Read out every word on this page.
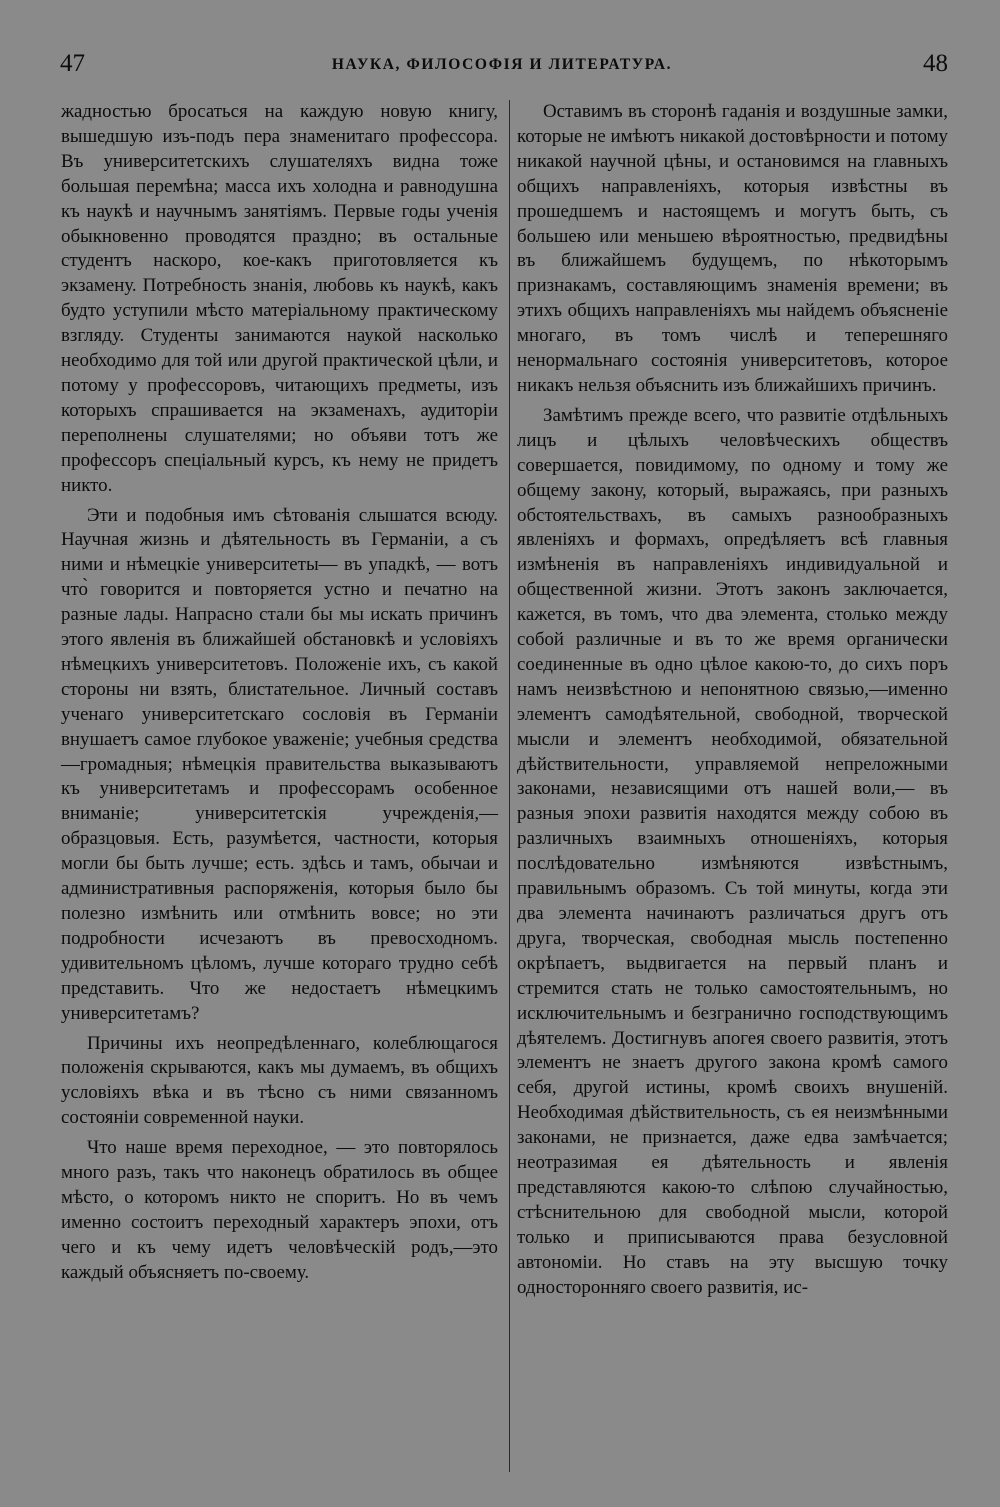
47	НАУКА, ФИЛОСОФІЯ И ЛИТЕРАТУРА.	48

жадностью бросаться на каждую новую книгу, вышедшую изъ-подъ пера знаменитаго профессора. Въ университетскихъ слушателяхъ видна тоже большая перемѣна; масса ихъ холодна и равнодушна къ наукѣ и научнымъ занятіямъ. Первые годы ученія обыкновенно проводятся праздно; въ остальные студентъ наскоро, кое-какъ приготовляется къ экзамену. Потребность знанія, любовь къ наукѣ, какъ будто уступили мѣсто матеріальному практическому взгляду. Студенты занимаются наукой насколько необходимо для той или другой практической цѣли, и потому у профессоровъ, читающихъ предметы, изъ которыхъ спрашивается на экзаменахъ, аудиторіи переполнены слушателями; но объяви тотъ же профессоръ спеціальный курсъ, къ нему не придетъ никто.

Эти и подобныя имъ сѣтованія слышатся всюду. Научная жизнь и дѣятельность въ Германіи, а съ ними и нѣмецкіе университеты— въ упадкѣ, — вотъ что̀ говорится и повторяется устно и печатно на разные лады. Напрасно стали бы мы искать причинъ этого явленія въ ближайшей обстановкѣ и условіяхъ нѣмецкихъ университетовъ. Положеніе ихъ, съ какой стороны ни взять, блистательное. Личный составъ ученаго университетскаго сословія въ Германіи внушаетъ самое глубокое уваженіе; учебныя средства—громадныя; нѣмецкія правительства выказываютъ къ университетамъ и профессорамъ особенное вниманіе; университетскія учрежденія,— образцовыя. Есть, разумѣется, частности, которыя могли бы быть лучше; есть. здѣсь и тамъ, обычаи и административныя распоряженія, которыя было бы полезно измѣнить или отмѣнить вовсе; но эти подробности исчезаютъ въ превосходномъ. удивительномъ цѣломъ, лучше котораго трудно себѣ представить. Что же недостаетъ нѣмецкимъ университетамъ?

Причины ихъ неопредѣленнаго, колеблющагося положенія скрываются, какъ мы думаемъ, въ общихъ условіяхъ вѣка и въ тѣсно съ ними связанномъ состояніи современной науки.

Что наше время переходное, — это повторялось много разъ, такъ что наконецъ обратилось въ общее мѣсто, о которомъ никто не споритъ. Но въ чемъ именно состоитъ переходный характеръ эпохи, отъ чего и къ чему идетъ человѣческій родъ,—это каждый объясняетъ по-своему.

Оставимъ въ сторонѣ гаданія и воздушные замки, которые не имѣютъ никакой достовѣрности и потому никакой научной цѣны, и остановимся на главныхъ общихъ направленіяхъ, которыя извѣстны въ прошедшемъ и настоящемъ и могутъ быть, съ большею или меньшею вѣроятностью, предвидѣны въ ближайшемъ будущемъ, по нѣкоторымъ признакамъ, составляющимъ знаменія времени; въ этихъ общихъ направленіяхъ мы найдемъ объясненіе многаго, въ томъ числѣ и теперешняго ненормальнаго состоянія университетовъ, которое никакъ нельзя объяснить изъ ближайшихъ причинъ.

Замѣтимъ прежде всего, что развитіе отдѣльныхъ лицъ и цѣлыхъ человѣческихъ обществъ совершается, повидимому, по одному и тому же общему закону, который, выражаясь, при разныхъ обстоятельствахъ, въ самыхъ разнообразныхъ явленіяхъ и формахъ, опредѣляетъ всѣ главныя измѣненія въ направленіяхъ индивидуальной и общественной жизни. Этотъ законъ заключается, кажется, въ томъ, что два элемента, столько между собой различные и въ то же время органически соединенные въ одно цѣлое какою-то, до сихъ поръ намъ неизвѣстною и непонятною связью,—именно элементъ самодѣятельной, свободной, творческой мысли и элементъ необходимой, обязательной дѣйствительности, управляемой непреложными законами, независящими отъ нашей воли,— въ разныя эпохи развитія находятся между собою въ различныхъ взаимныхъ отношеніяхъ, которыя послѣдовательно измѣняются извѣстнымъ, правильнымъ образомъ. Съ той минуты, когда эти два элемента начинаютъ различаться другъ отъ друга, творческая, свободная мысль постепенно окрѣпаетъ, выдвигается на первый планъ и стремится стать не только самостоятельнымъ, но исключительнымъ и безгранично господствующимъ дѣятелемъ. Достигнувъ апогея своего развитія, этотъ элементъ не знаетъ другого закона кромѣ самого себя, другой истины, кромѣ своихъ внушеній. Необходимая дѣйствительность, съ ея неизмѣнными законами, не признается, даже едва замѣчается; неотразимая ея дѣятельность и явленія представляются какою-то слѣпою случайностью, стѣснительною для свободной мысли, которой только и приписываются права безусловной автономіи. Но ставъ на эту высшую точку односторонняго своего развитія, ис-
